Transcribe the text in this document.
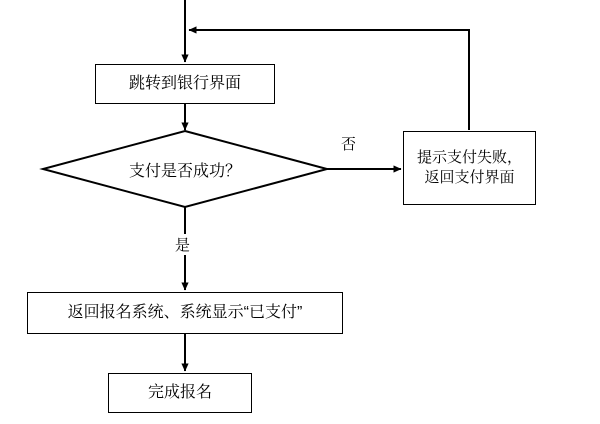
跳转到银行界面
支付是否成功？
提示支付失败，返回支付界面
返回报名系统、系统显示“已支付”
完成报名
否
是
